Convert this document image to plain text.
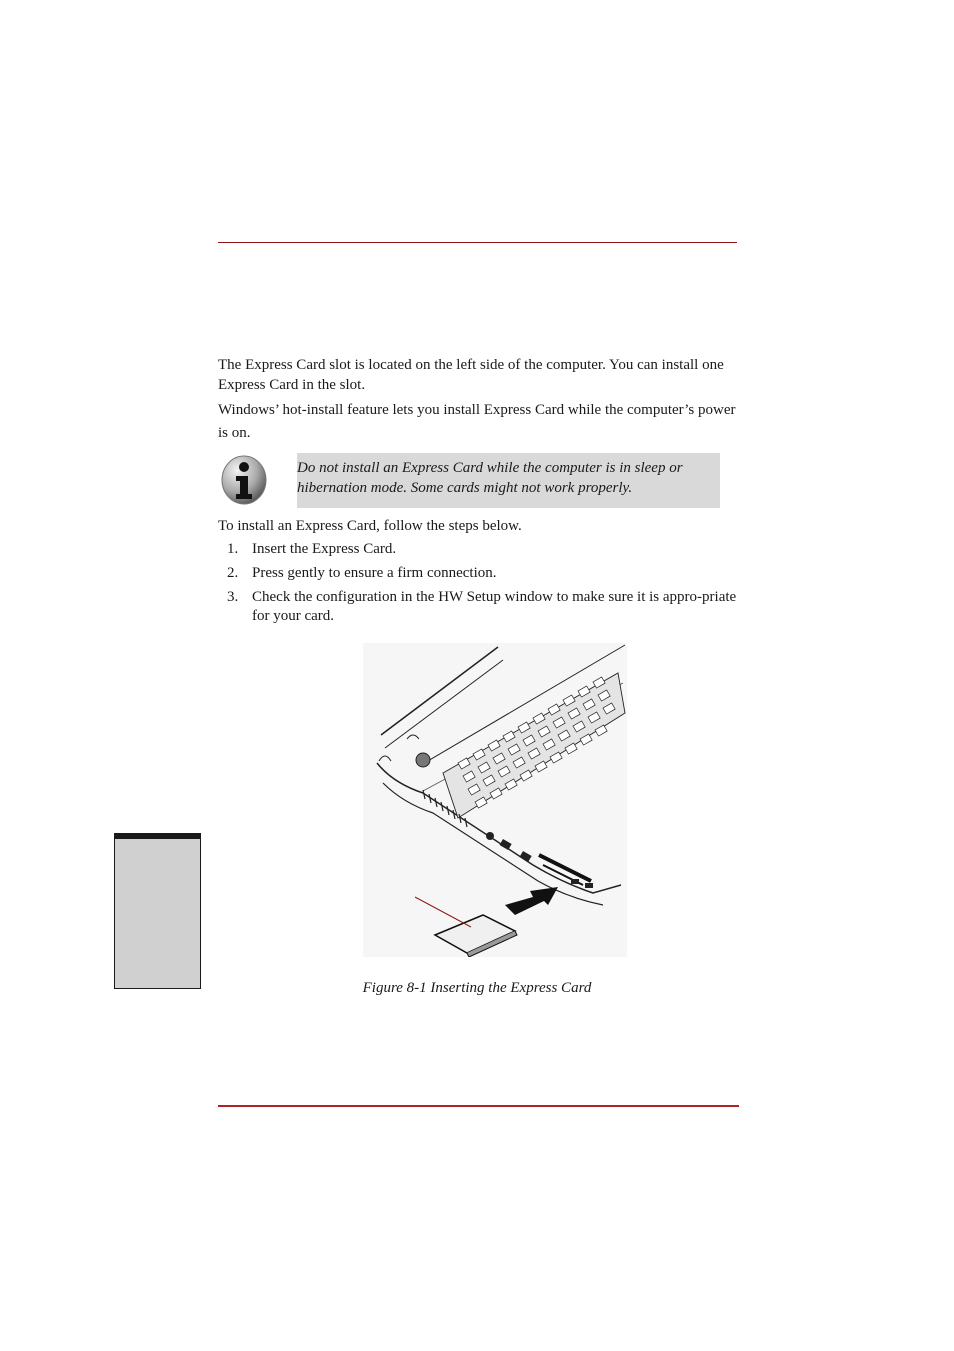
The Express Card slot is located on the left side of the computer. You can install one Express Card in the slot.

Windows’ hot-install feature lets you install Express Card while the computer’s power is on.

Do not install an Express Card while the computer is in sleep or hibernation mode. Some cards might not work properly.

To install an Express Card, follow the steps below.

1. Insert the Express Card.
2. Press gently to ensure a firm connection.
3. Check the configuration in the HW Setup window to make sure it is appro-priate for your card.
Figure 8-1 Inserting the Express Card
